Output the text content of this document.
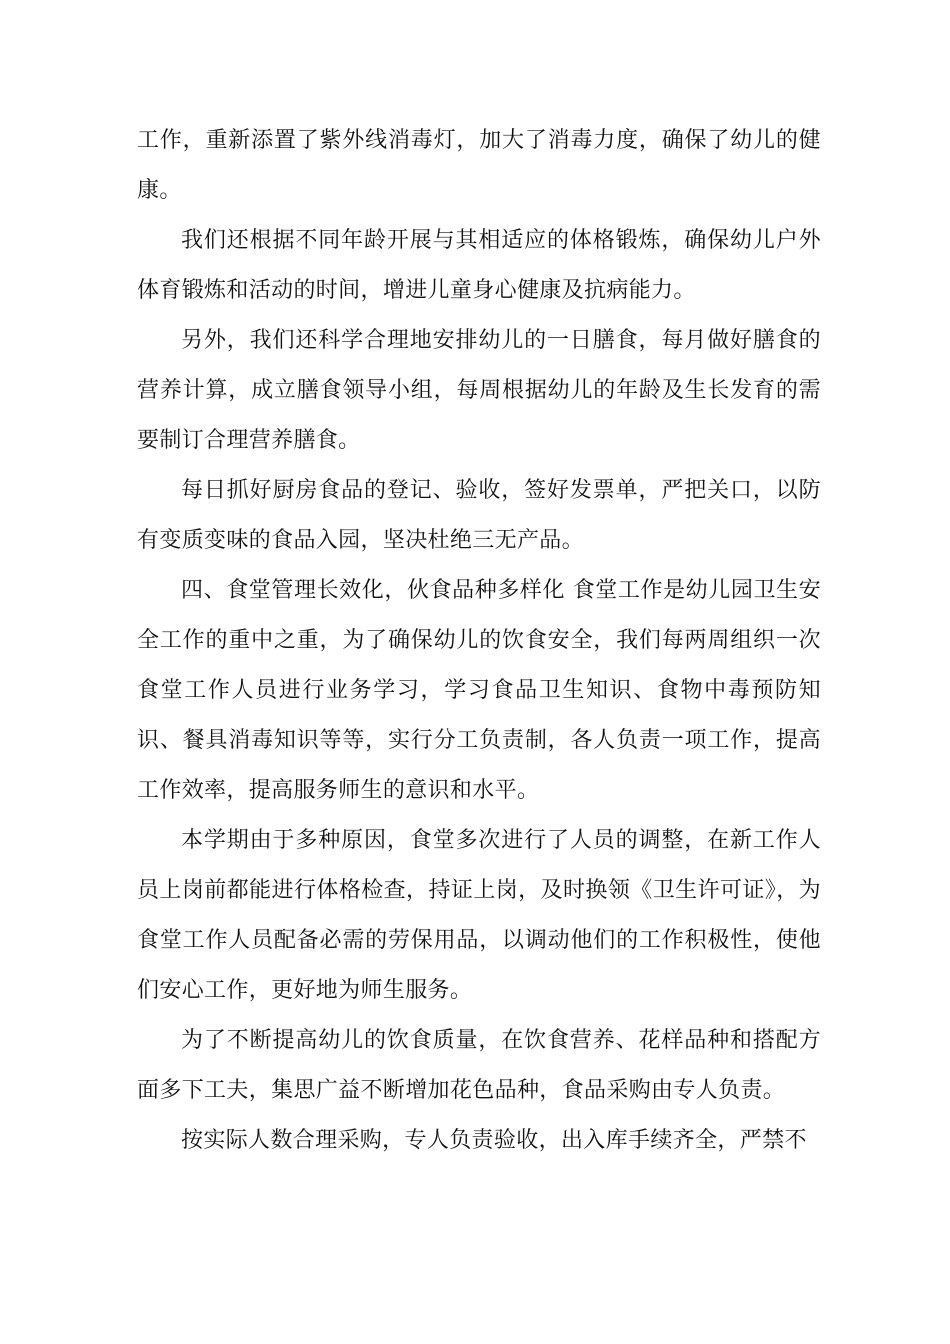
工作，重新添置了紫外线消毒灯，加大了消毒力度，确保了幼儿的健康。

我们还根据不同年龄开展与其相适应的体格锻炼，确保幼儿户外体育锻炼和活动的时间，增进儿童身心健康及抗病能力。

另外，我们还科学合理地安排幼儿的一日膳食，每月做好膳食的营养计算，成立膳食领导小组，每周根据幼儿的年龄及生长发育的需要制订合理营养膳食。

每日抓好厨房食品的登记、验收，签好发票单，严把关口，以防有变质变味的食品入园，坚决杜绝三无产品。

四、食堂管理长效化，伙食品种多样化 食堂工作是幼儿园卫生安全工作的重中之重，为了确保幼儿的饮食安全，我们每两周组织一次食堂工作人员进行业务学习，学习食品卫生知识、食物中毒预防知识、餐具消毒知识等等，实行分工负责制，各人负责一项工作，提高工作效率，提高服务师生的意识和水平。

本学期由于多种原因，食堂多次进行了人员的调整，在新工作人员上岗前都能进行体格检查，持证上岗，及时换领《卫生许可证》，为食堂工作人员配备必需的劳保用品，以调动他们的工作积极性，使他们安心工作，更好地为师生服务。

为了不断提高幼儿的饮食质量，在饮食营养、花样品种和搭配方面多下工夫，集思广益不断增加花色品种，食品采购由专人负责。

按实际人数合理采购，专人负责验收，出入库手续齐全，严禁不
